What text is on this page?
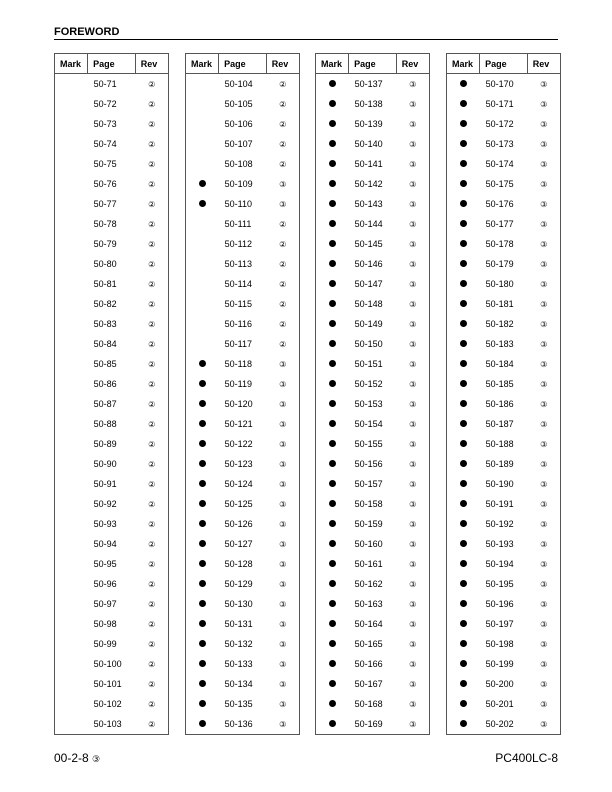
FOREWORD
Mark	Page	Rev
	50-71	②
	50-72	②
	50-73	②
	50-74	②
	50-75	②
	50-76	②
	50-77	②
	50-78	②
	50-79	②
	50-80	②
	50-81	②
	50-82	②
	50-83	②
	50-84	②
	50-85	②
	50-86	②
	50-87	②
	50-88	②
	50-89	②
	50-90	②
	50-91	②
	50-92	②
	50-93	②
	50-94	②
	50-95	②
	50-96	②
	50-97	②
	50-98	②
	50-99	②
	50-100	②
	50-101	②
	50-102	②
	50-103	②
Mark	Page	Rev
	50-104	②
	50-105	②
	50-106	②
	50-107	②
	50-108	②
	50-109	③
	50-110	③
	50-111	②
	50-112	②
	50-113	②
	50-114	②
	50-115	②
	50-116	②
	50-117	②
	50-118	③
	50-119	③
	50-120	③
	50-121	③
	50-122	③
	50-123	③
	50-124	③
	50-125	③
	50-126	③
	50-127	③
	50-128	③
	50-129	③
	50-130	③
	50-131	③
	50-132	③
	50-133	③
	50-134	③
	50-135	③
	50-136	③
Mark	Page	Rev
	50-137	③
	50-138	③
	50-139	③
	50-140	③
	50-141	③
	50-142	③
	50-143	③
	50-144	③
	50-145	③
	50-146	③
	50-147	③
	50-148	③
	50-149	③
	50-150	③
	50-151	③
	50-152	③
	50-153	③
	50-154	③
	50-155	③
	50-156	③
	50-157	③
	50-158	③
	50-159	③
	50-160	③
	50-161	③
	50-162	③
	50-163	③
	50-164	③
	50-165	③
	50-166	③
	50-167	③
	50-168	③
	50-169	③
Mark	Page	Rev
	50-170	③
	50-171	③
	50-172	③
	50-173	③
	50-174	③
	50-175	③
	50-176	③
	50-177	③
	50-178	③
	50-179	③
	50-180	③
	50-181	③
	50-182	③
	50-183	③
	50-184	③
	50-185	③
	50-186	③
	50-187	③
	50-188	③
	50-189	③
	50-190	③
	50-191	③
	50-192	③
	50-193	③
	50-194	③
	50-195	③
	50-196	③
	50-197	③
	50-198	③
	50-199	③
	50-200	③
	50-201	③
	50-202	③
00-2-8 ③	PC400LC-8
